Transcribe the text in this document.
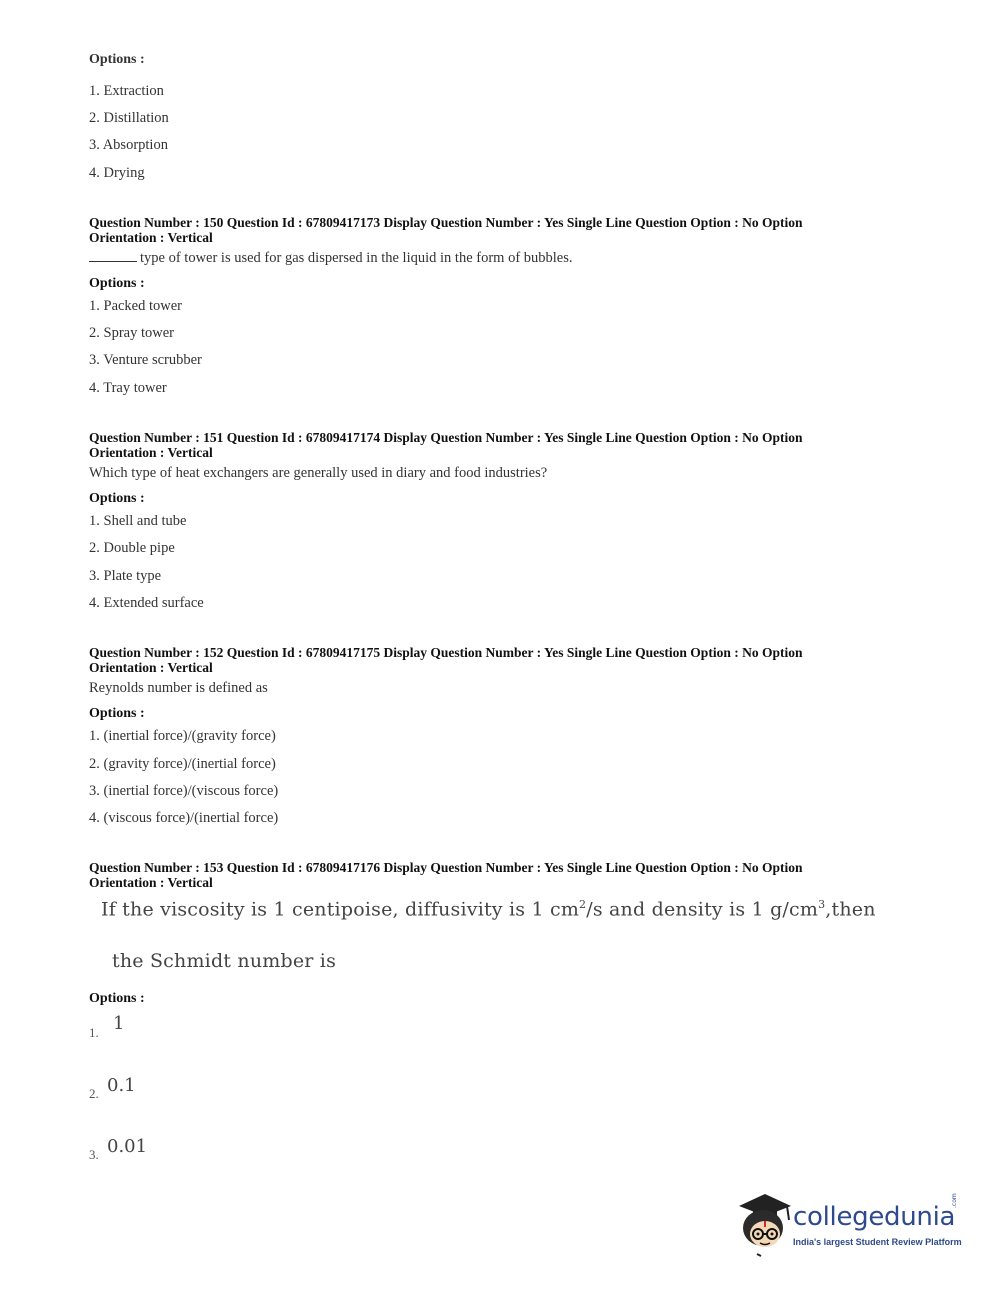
Options :
1. Extraction
2. Distillation
3. Absorption
4. Drying
Question Number : 150 Question Id : 67809417173 Display Question Number : Yes Single Line Question Option : No Option
Orientation : Vertical
type of tower is used for gas dispersed in the liquid in the form of bubbles.
Options :
1. Packed tower
2. Spray tower
3. Venture scrubber
4. Tray tower
Question Number : 151 Question Id : 67809417174 Display Question Number : Yes Single Line Question Option : No Option
Orientation : Vertical
Which type of heat exchangers are generally used in diary and food industries?
Options :
1. Shell and tube
2. Double pipe
3. Plate type
4. Extended surface
Question Number : 152 Question Id : 67809417175 Display Question Number : Yes Single Line Question Option : No Option
Orientation : Vertical
Reynolds number is defined as
Options :
1. (inertial force)/(gravity force)
2. (gravity force)/(inertial force)
3. (inertial force)/(viscous force)
4. (viscous force)/(inertial force)
Question Number : 153 Question Id : 67809417176 Display Question Number : Yes Single Line Question Option : No Option
Orientation : Vertical
If the viscosity is 1 centipoise, diffusivity is 1 $cm^2/s$ and density is 1 $g/cm^3,then$
the Schmidt number is
Options :
1. 1
2. 0.1
3. 0.01
collegedunia
.com
India's largest Student Review Platform
